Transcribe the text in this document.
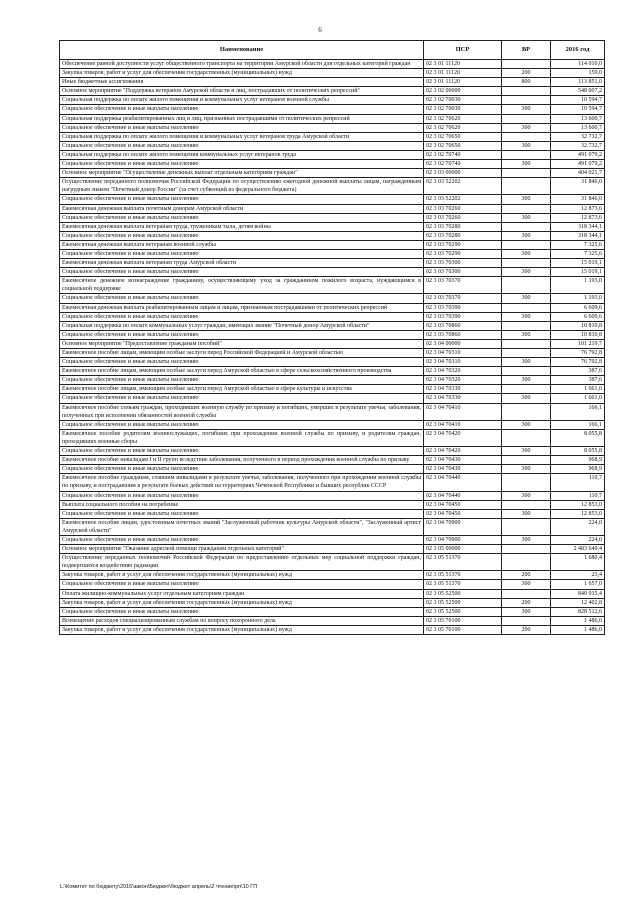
6
Наименование	ПСР	ВР	2016 год
Обеспечение равной доступности услуг общественного транспорта на территории Амурской области для отдельных категорий граждан	02 3 01 11120		114 010,0
Закупка товаров, работ и услуг для обеспечения государственных (муниципальных) нужд	02 3 01 11120	200	159,0
Иные бюджетные ассигнования	02 3 01 11120	800	113 851,0
Основное мероприятие "Поддержка ветеранов Амурской области и лиц, пострадавших от политических репрессий"	02 3 02 00000		548 007,2
Социальная поддержка по оплате жилого помещения и коммунальных услуг ветеранов военной службы	02 3 02 70030		10 594,7
Социальное обеспечение и иные выплаты населению	02 3 02 70030	300	10 594,7
Социальная поддержка реабилитированных лиц и лиц, признанных пострадавшими от политических репрессий	02 3 02 70620		13 600,7
Социальное обеспечение и иные выплаты населению	02 3 02 70620	300	13 600,7
Социальная поддержка по оплате жилого помещения и коммунальных услуг ветеранов труда Амурской области	02 3 02 70650		32 732,7
Социальное обеспечение и иные выплаты населению	02 3 02 70650	300	32 732,7
Социальная поддержка по оплате жилого помещения коммунальных услуг ветеранов труда	02 3 02 70740		491 079,2
Социальное обеспечение и иные выплаты населению	02 3 02 70740	300	491 079,2
Основное мероприятие "Осуществление денежных выплат отдельным категориям граждан"	02 3 03 00000		404 021,7
Осуществление переданного полномочия Российской Федерации по осуществлению ежегодной денежной выплаты лицам, награжденным нагрудным знаком "Почетный донор России" (за счет субвенций из федерального бюджета)	02 3 03 52202		31 846,0
Социальное обеспечение и иные выплаты населению	02 3 03 52202	300	31 846,0
Ежемесячная денежная выплата почетным донорам Амурской области	02 3 03 70260		12 873,6
Социальное обеспечение и иные выплаты населению	02 3 03 70260	300	12 873,6
Ежемесячная денежная выплата ветеранам труда, труженикам тыла, детям войны	02 3 03 70280		318 344,1
Социальное обеспечение и иные выплаты населению	02 3 03 70280	300	318 344,1
Ежемесячная денежная выплата ветеранам военной службы	02 3 03 70290		7 325,6
Социальное обеспечение и иные выплаты населению	02 3 03 70290	300	7 325,6
Ежемесячная денежная выплата ветеранам труда Амурской области	02 3 03 70300		15 019,1
Социальное обеспечение и иные выплаты населению	02 3 03 70300	300	15 019,1
Ежемесячное денежное вознаграждение гражданину, осуществляющему уход за гражданином пожилого возраста, нуждающимся в социальной поддержке	02 3 03 70370		1 193,0
Социальное обеспечение и иные выплаты населению	02 3 03 70370	300	1 193,0
Ежемесячная денежная выплата реабилитированным лицам и лицам, признанным пострадавшими от политических репрессий	02 3 03 70390		6 609,6
Социальное обеспечение и иные выплаты населению	02 3 03 70390	300	6 609,6
Социальная поддержка по оплате коммунальных услуг граждан, имеющих звание "Почетный донор Амурской области"	02 3 03 70860		10 810,8
Социальное обеспечение и иные выплаты населению	02 3 03 70860	300	10 810,8
Основное мероприятие "Предоставление гражданам пособий"	02 3 04 00000		101 219,7
Ежемесячное пособие лицам, имеющим особые заслуги перед Российской Федерацией и Амурской областью	02 3 04 70310		76 792,8
Социальное обеспечение и иные выплаты населению	02 3 04 70310	300	76 792,8
Ежемесячное пособие лицам, имеющим особые заслуги перед Амурской областью в сфере сельскохозяйственного производства	02 3 04 70320		387,6
Социальное обеспечение и иные выплаты населению	02 3 04 70320	300	387,6
Ежемесячное пособие лицам, имеющим особые заслуги перед Амурской областью в сфере культуры и искусства	02 3 04 70330		1 661,0
Социальное обеспечение и иные выплаты населению	02 3 04 70330	300	1 661,0
Ежемесячное пособие семьям граждан, проходивших военную службу по призыву и погибших, умерших в результате увечья, заболевания, полученных при исполнении обязанностей военной службы	02 3 04 70410		166,1
Социальное обеспечение и иные выплаты населению	02 3 04 70410	300	166,1
Ежемесячное пособие родителям военнослужащих, погибших при прохождении военной службы по призыву, и родителям граждан, проходивших военные сборы	02 3 04 70420		8 055,8
Социальное обеспечение и иные выплаты населению	02 3 04 70420	300	8 055,8
Ежемесячное пособие инвалидам I и II групп вследствие заболевания, полученного в период прохождения военной службы по призыву	02 3 04 70430		968,9
Социальное обеспечение и иные выплаты населению	02 3 04 70430	300	968,9
Ежемесячное пособие гражданам, ставшим инвалидами в результате увечья, заболевания, полученного при прохождении военной службы по призыву, и пострадавшим в результате боевых действий на территориях Чеченской Республики и бывших республик СССР	02 3 04 70440		110,7
Социальное обеспечение и иные выплаты населению	02 3 04 70440	300	110,7
Выплата социального пособия на погребение	02 3 04 70450		12 853,0
Социальное обеспечение и иные выплаты населению	02 3 04 70450	300	12 853,0
Ежемесячное пособие лицам, удостоенным почетных званий "Заслуженный работник культуры Амурской области", "Заслуженный артист Амурской области"	02 3 04 70900		224,0
Социальное обеспечение и иные выплаты населению	02 3 04 70900	300	224,0
Основное мероприятие "Оказание адресной помощи гражданам отдельных категорий"	02 3 05 00000		2 483 649,4
Осуществление переданных полномочий Российской Федерации по предоставлению отдельных мер социальной поддержки граждан, подвергшихся воздействию радиации	02 3 05 51370		1 680,4
Закупка товаров, работ и услуг для обеспечения государственных (муниципальных) нужд	02 3 05 51370	200	23,4
Социальное обеспечение и иные выплаты населению	02 3 05 51370	300	1 657,0
Оплата жилищно-коммунальных услуг отдельным категориям граждан	02 3 05 52500		840 915,4
Закупка товаров, работ и услуг для обеспечения государственных (муниципальных) нужд	02 3 05 52500	200	12 402,8
Социальное обеспечение и иные выплаты населению	02 3 05 52500	300	828 512,6
Возмещение расходов специализированным службам по вопросу похоронного дела	02 3 05 70100		1 486,0
Закупка товаров, работ и услуг для обеспечения государственных (муниципальных) нужд	02 3 05 70100	200	1 486,0
L:\Комитет по бюджету\2016\закон\Бюджет\бюджет апрель\2 чтение\рп\10 ГП
